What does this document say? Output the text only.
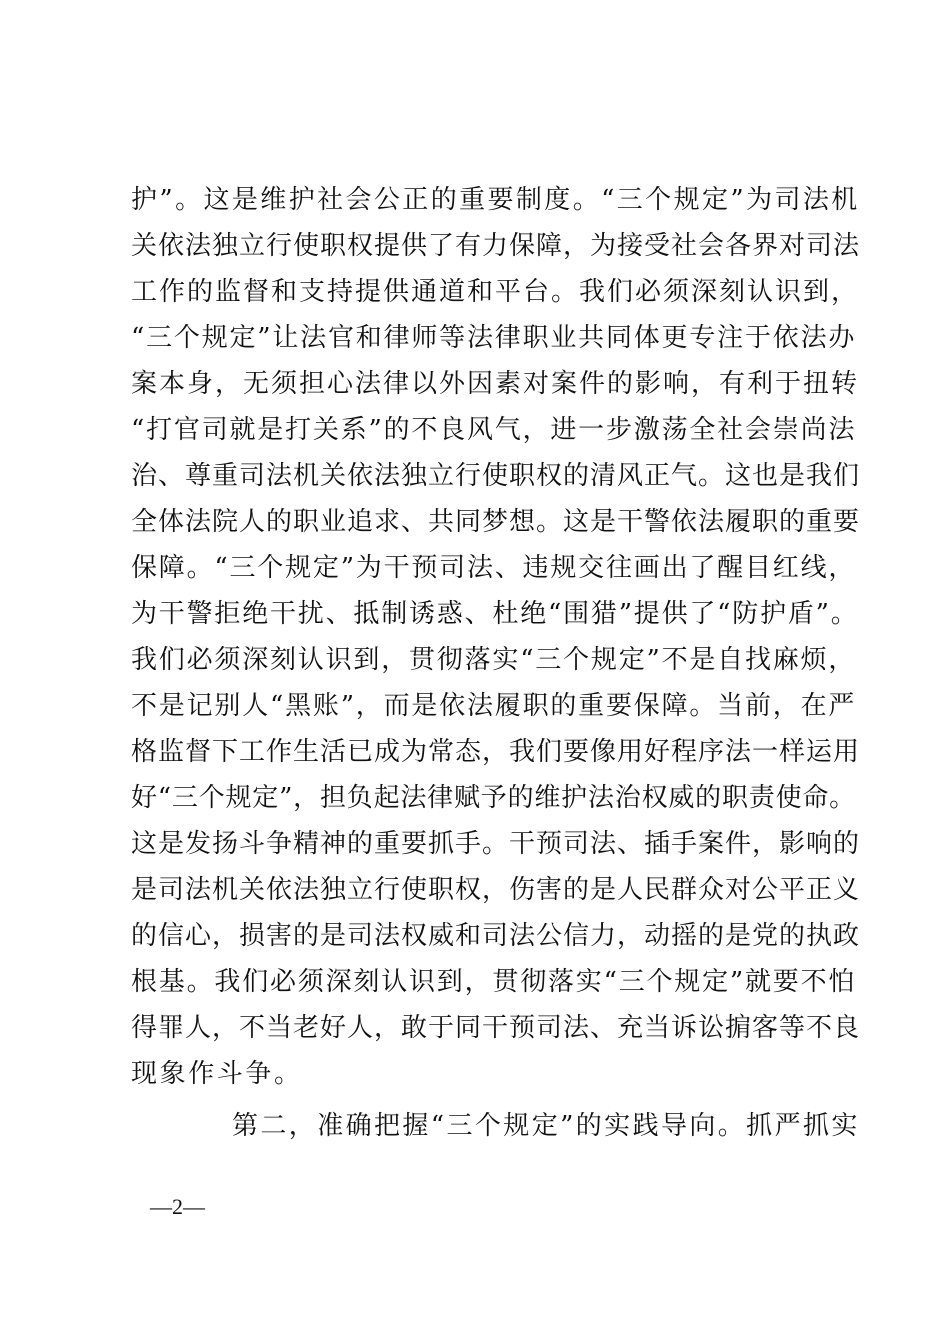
护”。这是维护社会公正的重要制度。“三个规定”为司法机
关依法独立行使职权提供了有力保障，为接受社会各界对司法
工作的监督和支持提供通道和平台。我们必须深刻认识到，
“三个规定”让法官和律师等法律职业共同体更专注于依法办
案本身，无须担心法律以外因素对案件的影响，有利于扭转
“打官司就是打关系”的不良风气，进一步激荡全社会崇尚法
治、尊重司法机关依法独立行使职权的清风正气。这也是我们
全体法院人的职业追求、共同梦想。这是干警依法履职的重要
保障。“三个规定”为干预司法、违规交往画出了醒目红线，
为干警拒绝干扰、抵制诱惑、杜绝“围猎”提供了“防护盾”。
我们必须深刻认识到，贯彻落实“三个规定”不是自找麻烦，
不是记别人“黑账”，而是依法履职的重要保障。当前，在严
格监督下工作生活已成为常态，我们要像用好程序法一样运用
好“三个规定”，担负起法律赋予的维护法治权威的职责使命。
这是发扬斗争精神的重要抓手。干预司法、插手案件，影响的
是司法机关依法独立行使职权，伤害的是人民群众对公平正义
的信心，损害的是司法权威和司法公信力，动摇的是党的执政
根基。我们必须深刻认识到，贯彻落实“三个规定”就要不怕
得罪人，不当老好人，敢于同干预司法、充当诉讼掮客等不良
现象作斗争。
第二，准确把握“三个规定”的实践导向。抓严抓实
—2—
